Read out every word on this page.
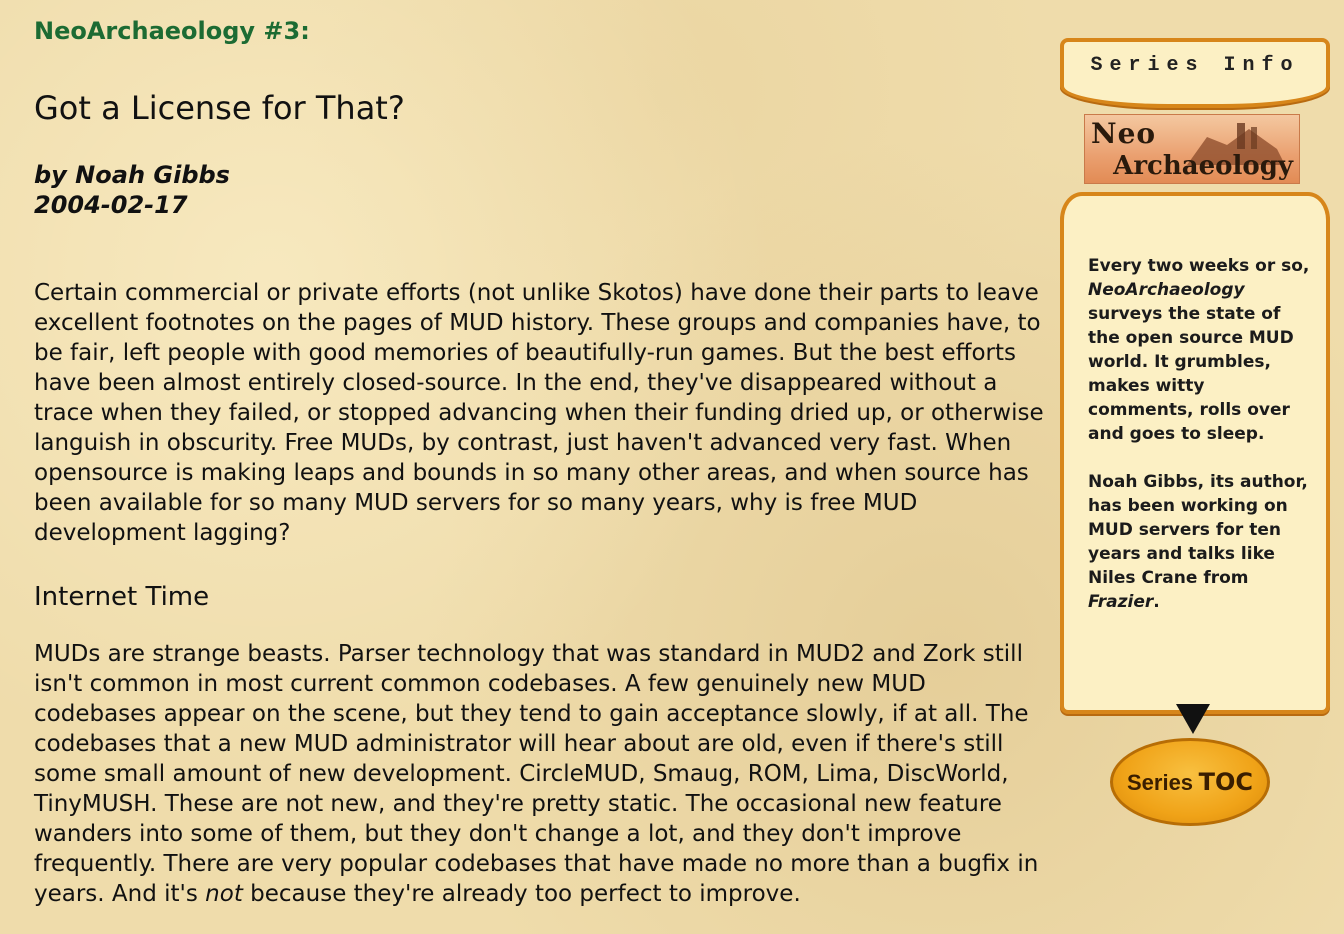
NeoArchaeology #3:
Got a License for That?
by Noah Gibbs
2004-02-17

Certain commercial or private efforts (not unlike Skotos) have done their parts to leave excellent footnotes on the pages of MUD history. These groups and companies have, to be fair, left people with good memories of beautifully-run games. But the best efforts have been almost entirely closed-source. In the end, they've disappeared without a trace when they failed, or stopped advancing when their funding dried up, or otherwise languish in obscurity. Free MUDs, by contrast, just haven't advanced very fast. When opensource is making leaps and bounds in so many other areas, and when source has been available for so many MUD servers for so many years, why is free MUD development lagging?

Internet Time

MUDs are strange beasts. Parser technology that was standard in MUD2 and Zork still isn't common in most current common codebases. A few genuinely new MUD codebases appear on the scene, but they tend to gain acceptance slowly, if at all. The codebases that a new MUD administrator will hear about are old, even if there's still some small amount of new development. CircleMUD, Smaug, ROM, Lima, DiscWorld, TinyMUSH. These are not new, and they're pretty static. The occasional new feature wanders into some of them, but they don't change a lot, and they don't improve frequently. There are very popular codebases that have made no more than a bugfix in years. And it's not because they're already too perfect to improve.

Series Info
Neo
Archaeology

Every two weeks or so, NeoArchaeology surveys the state of the open source MUD world. It grumbles, makes witty comments, rolls over and goes to sleep.

Noah Gibbs, its author, has been working on MUD servers for ten years and talks like Niles Crane from Frazier.

Series TOC
